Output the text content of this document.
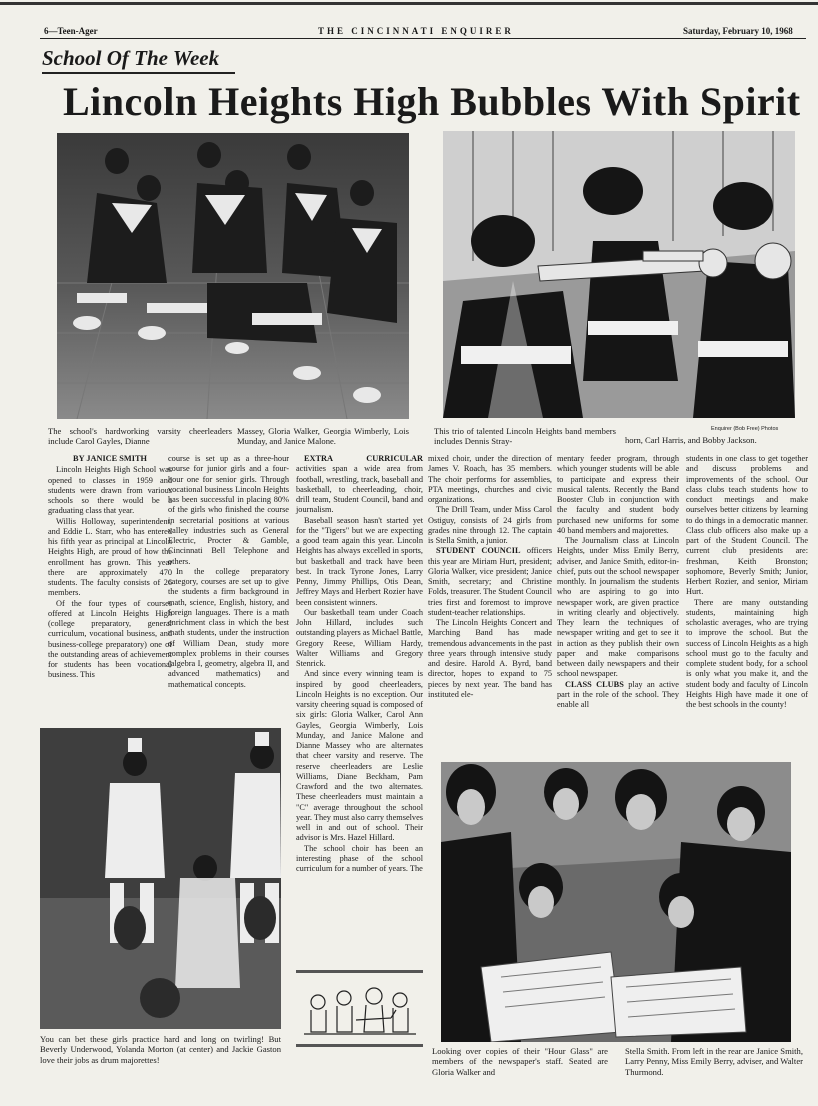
6—Teen-Ager	THE CINCINNATI ENQUIRER	Saturday, February 10, 1968
School Of The Week
Lincoln Heights High Bubbles With Spirit
The school's hardworking varsity cheerleaders include Carol Gayles, Dianne
Massey, Gloria Walker, Georgia Wimberly, Lois Munday, and Janice Malone.
This trio of talented Lincoln Heights band members includes Dennis Stray-
Enquirer (Bob Free) Photos
horn, Carl Harris, and Bobby Jackson.

BY JANICE SMITH

Lincoln Heights High School was opened to classes in 1959 and students were drawn from various schools so there would be a graduating class that year.

Willis Holloway, superintendent, and Eddie L. Starr, who has entered his fifth year as principal at Lincoln Heights High, are proud of how the enrollment has grown. This year there are approximately 470 students. The faculty consists of 26 members.

Of the four types of courses offered at Lincoln Heights High (college preparatory, general curriculum, vocational business, and business-college preparatory) one of the outstanding areas of achievement for students has been vocational business. This

course is set up as a three-hour course for junior girls and a four-hour one for senior girls. Through vocational business Lincoln Heights has been successful in placing 80% of the girls who finished the course in secretarial positions at various valley industries such as General Electric, Procter & Gamble, Cincinnati Bell Telephone and others.

In the college preparatory category, courses are set up to give the students a firm background in math, science, English, history, and foreign languages. There is a math enrichment class in which the best math students, under the instruction of William Dean, study more complex problems in their courses (algebra I, geometry, algebra II, and advanced mathematics) and mathematical concepts.

EXTRA CURRICULAR activities span a wide area from football, wrestling, track, baseball and basketball, to cheerleading, choir, drill team, Student Council, band and journalism.

Baseball season hasn't started yet for the "Tigers" but we are expecting a good team again this year. Lincoln Heights has always excelled in sports, but basketball and track have been best. In track Tyrone Jones, Larry Penny, Jimmy Phillips, Otis Dean, Jeffrey Mays and Herbert Rozier have been consistent winners.

Our basketball team under Coach John Hillard, includes such outstanding players as Michael Battle, Gregory Reese, William Hardy, Walter Williams and Gregory Stenrick.

And since every winning team is inspired by good cheerleaders, Lincoln Heights is no exception. Our varsity cheering squad is composed of six girls: Gloria Walker, Carol Ann Gayles, Georgia Wimberly, Lois Munday, and Janice Malone and Dianne Massey who are alternates that cheer varsity and reserve. The reserve cheerleaders are Leslie Williams, Diane Beckham, Pam Crawford and the two alternates. These cheerleaders must maintain a "C" average throughout the school year. They must also carry themselves well in and out of school. Their advisor is Mrs. Hazel Hillard.

The school choir has been an interesting phase of the school curriculum for a number of years. The

mixed choir, under the direction of James V. Roach, has 35 members. The choir performs for assemblies, PTA meetings, churches and civic organizations.

The Drill Team, under Miss Carol Ostiguy, consists of 24 girls from grades nine through 12. The captain is Stella Smith, a junior.

STUDENT COUNCIL officers this year are Miriam Hurt, president; Gloria Walker, vice president; Janice Smith, secretary; and Christine Folds, treasurer. The Student Council tries first and foremost to improve student-teacher relationships.

The Lincoln Heights Concert and Marching Band has made tremendous advancements in the past three years through intensive study and desire. Harold A. Byrd, band director, hopes to expand to 75 pieces by next year. The band has instituted ele-

mentary feeder program, through which younger students will be able to participate and express their musical talents. Recently the Band Booster Club in conjunction with the faculty and student body purchased new uniforms for some 40 band members and majorettes.

The Journalism class at Lincoln Heights, under Miss Emily Berry, adviser, and Janice Smith, editor-in-chief, puts out the school newspaper monthly. In journalism the students who are aspiring to go into newspaper work, are given practice in writing clearly and objectively. They learn the techniques of newspaper writing and get to see it in action as they publish their own paper and make comparisons between daily newspapers and their school newspaper.

CLASS CLUBS play an active part in the role of the school. They enable all

students in one class to get together and discuss problems and improvements of the school. Our class clubs teach students how to conduct meetings and make ourselves better citizens by learning to do things in a democratic manner. Class club officers also make up a part of the Student Council. The current club presidents are: freshman, Keith Bronston; sophomore, Beverly Smith; Junior, Herbert Rozier, and senior, Miriam Hurt.

There are many outstanding students, maintaining high scholastic averages, who are trying to improve the school. But the success of Lincoln Heights as a high school must go to the faculty and complete student body, for a school is only what you make it, and the student body and faculty of Lincoln Heights High have made it one of the best schools in the county!

You can bet these girls practice hard and long on twirling! But Beverly Underwood, Yolanda Morton (at center) and Jackie Gaston love their jobs as drum majorettes!
Looking over copies of their "Hour Glass" are members of the newspaper's staff. Seated are Gloria Walker and
Stella Smith. From left in the rear are Janice Smith, Larry Penny, Miss Emily Berry, adviser, and Walter Thurmond.
